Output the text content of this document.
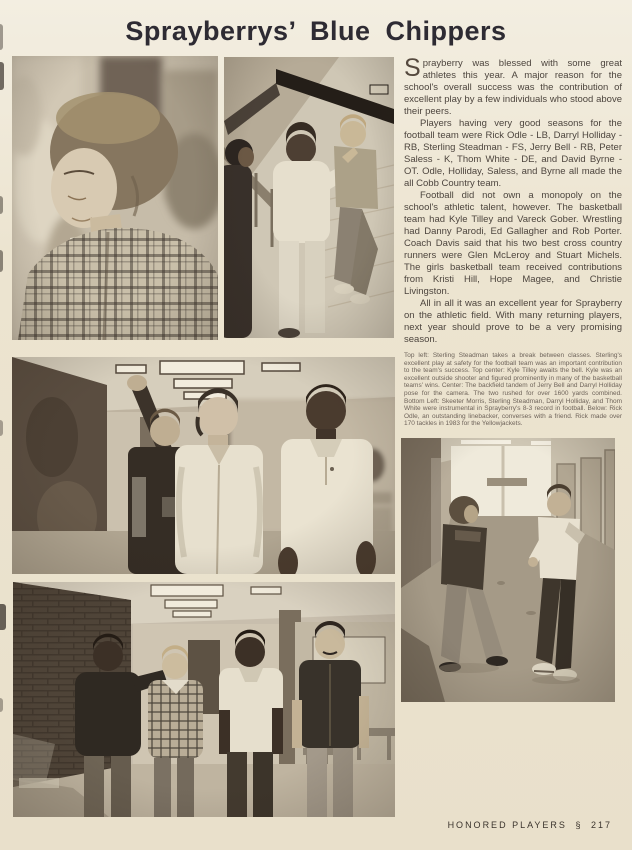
Sprayberrys’ Blue Chippers

Sprayberry was blessed with some great athletes this year. A major reason for the school's overall success was the contribution of excellent play by a few individuals who stood above their peers.

Players having very good seasons for the football team were Rick Odle - LB, Darryl Holliday - RB, Sterling Steadman - FS, Jerry Bell - RB, Peter Saless - K, Thom White - DE, and David Byrne - OT. Odle, Holliday, Saless, and Byrne all made the all Cobb Country team.

Football did not own a monopoly on the school's athletic talent, however. The basketball team had Kyle Tilley and Vareck Gober. Wrestling had Danny Parodi, Ed Gallagher and Rob Porter. Coach Davis said that his two best cross country runners were Glen McLeroy and Stuart Michels. The girls basketball team received contributions from Kristi Hill, Hope Magee, and Christie Livingston.

All in all it was an excellent year for Sprayberry on the athletic field. With many returning players, next year should prove to be a very promising season.

Top left: Sterling Steadman takes a break between classes. Sterling's excellent play at safety for the football team was an important contribution to the team's success. Top center: Kyle Tilley awaits the bell. Kyle was an excellent outside shooter and figured prominently in many of the basketball teams' wins. Center: The backfield tandem of Jerry Bell and Darryl Holliday pose for the camera. The two rushed for over 1600 yards combined. Bottom Left: Skeeter Morris, Sterling Steadman, Darryl Holliday, and Thom White were instrumental in Sprayberry's 8-3 record in football. Below: Rick Odle, an outstanding linebacker, converses with a friend. Rick made over 170 tackles in 1983 for the Yellowjackets.
HONORED PLAYERS § 217
